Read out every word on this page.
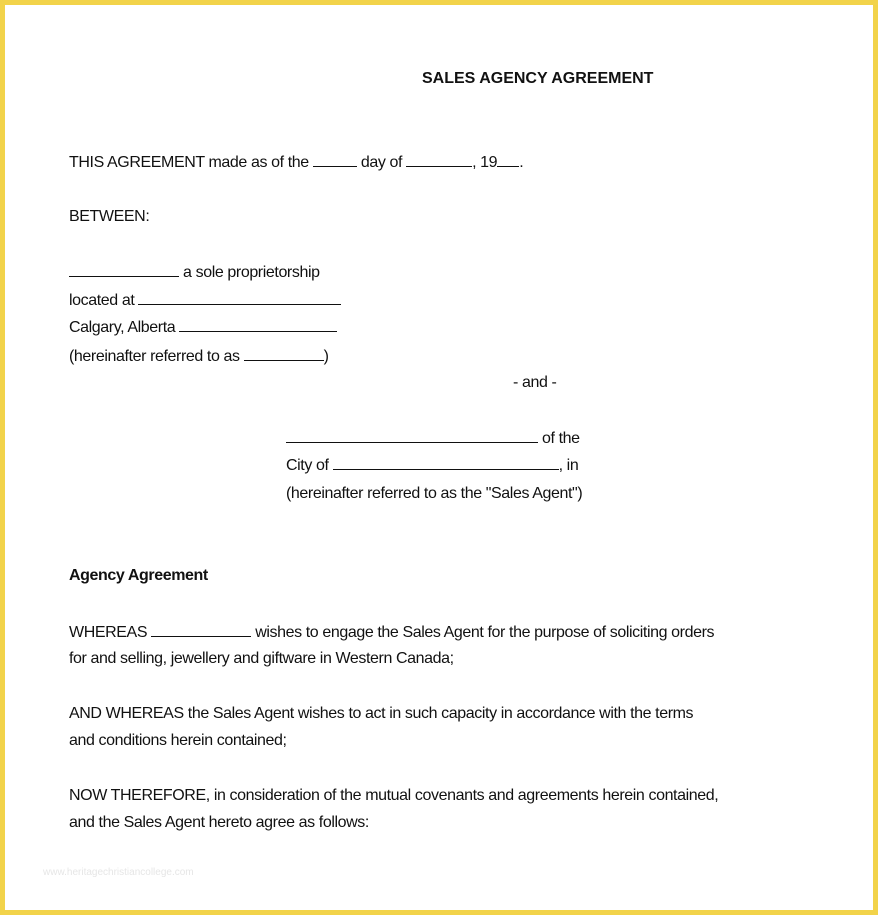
SALES AGENCY AGREEMENT
THIS AGREEMENT made as of the	day of	, 19 .
BETWEEN:
a sole proprietorship
located at
Calgary, Alberta
(hereinafter referred to as	)
- and -
of the
City of	, in
(hereinafter referred to as the "Sales Agent")
Agency Agreement
WHEREAS	wishes to engage the Sales Agent for the purpose of soliciting orders
for and selling, jewellery and giftware in Western Canada;
AND WHEREAS the Sales Agent wishes to act in such capacity in accordance with the terms
and conditions herein contained;
NOW THEREFORE, in consideration of the mutual covenants and agreements herein contained,
and the Sales Agent hereto agree as follows:
www.heritagechristiancollege.com
